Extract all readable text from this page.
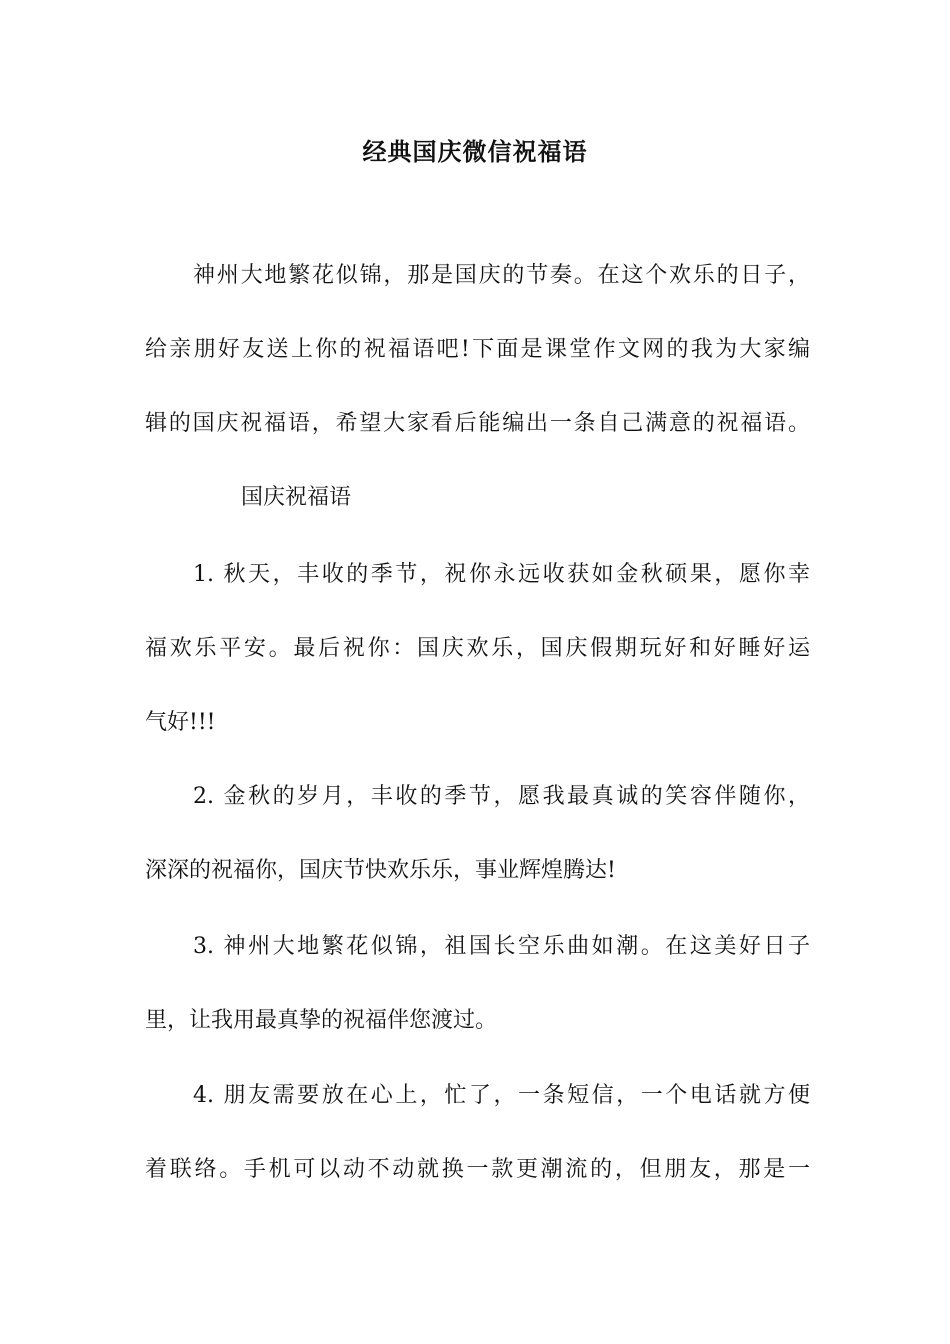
经典国庆微信祝福语
神州大地繁花似锦，那是国庆的节奏。在这个欢乐的日子，
给亲朋好友送上你的祝福语吧!下面是课堂作文网的我为大家编
辑的国庆祝福语，希望大家看后能编出一条自己满意的祝福语。
国庆祝福语
1. 秋天，丰收的季节，祝你永远收获如金秋硕果，愿你幸
福欢乐平安。最后祝你：国庆欢乐，国庆假期玩好和好睡好运
气好!!!
2. 金秋的岁月，丰收的季节，愿我最真诚的笑容伴随你，
深深的祝福你，国庆节快欢乐乐，事业辉煌腾达!
3. 神州大地繁花似锦，祖国长空乐曲如潮。在这美好日子
里，让我用最真挚的祝福伴您渡过。
4. 朋友需要放在心上，忙了，一条短信，一个电话就方便
着联络。手机可以动不动就换一款更潮流的，但朋友，那是一
